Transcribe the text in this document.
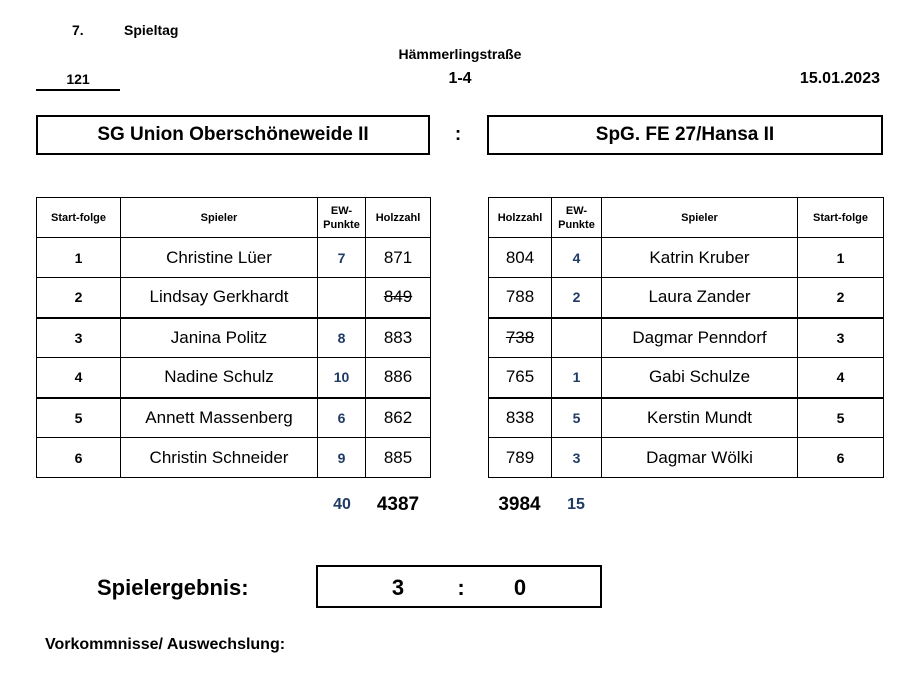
7.	Spieltag
Hämmerlingstraße
121	1-4	15.01.2023
SG Union Oberschöneweide II	:	SpG. FE 27/Hansa II
Start-folge	Spieler	EW-
Punkte	Holzzahl
1	Christine Lüer	7	871
2	Lindsay Gerkhardt		849
3	Janina Politz	8	883
4	Nadine Schulz	10	886
5	Annett Massenberg	6	862
6	Christin Schneider	9	885
Holzzahl	EW-
Punkte	Spieler	Start-folge
804	4	Katrin Kruber	1
788	2	Laura Zander	2
738		Dagmar Penndorf	3
765	1	Gabi Schulze	4
838	5	Kerstin Mundt	5
789	3	Dagmar Wölki	6
40	4387	3984	15
Spielergebnis:	3	:	0
Vorkommnisse/ Auswechslung:
